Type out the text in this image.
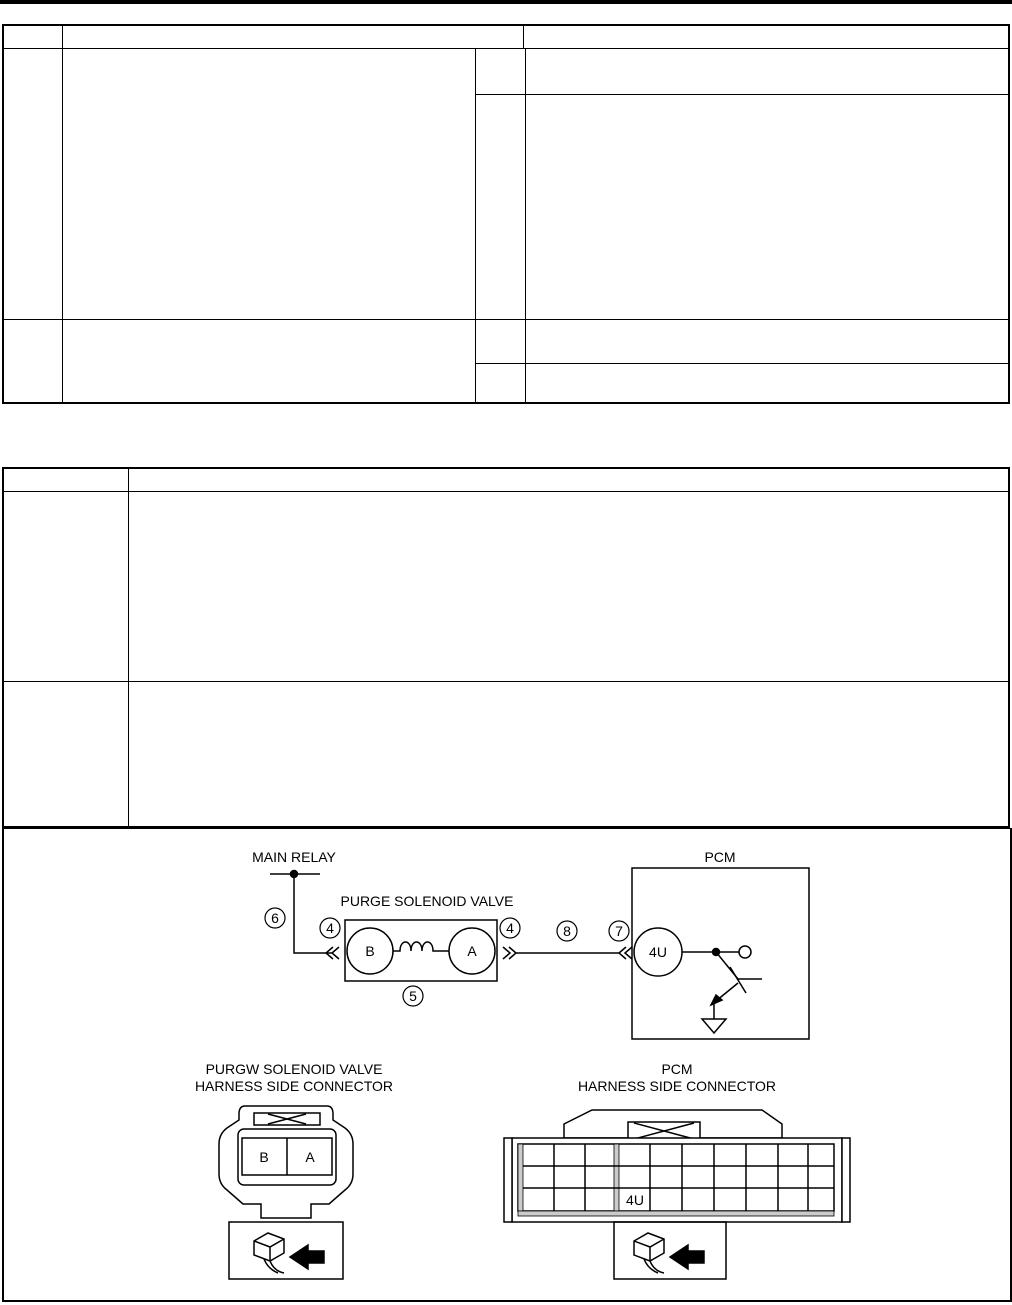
MAIN RELAY
6
4
PURGE SOLENOID VALVE
B	A
5
4	8	7
PCM
4U
PURGW SOLENOID VALVE
HARNESS SIDE CONNECTOR
B	A
PCM
HARNESS SIDE CONNECTOR
4U
